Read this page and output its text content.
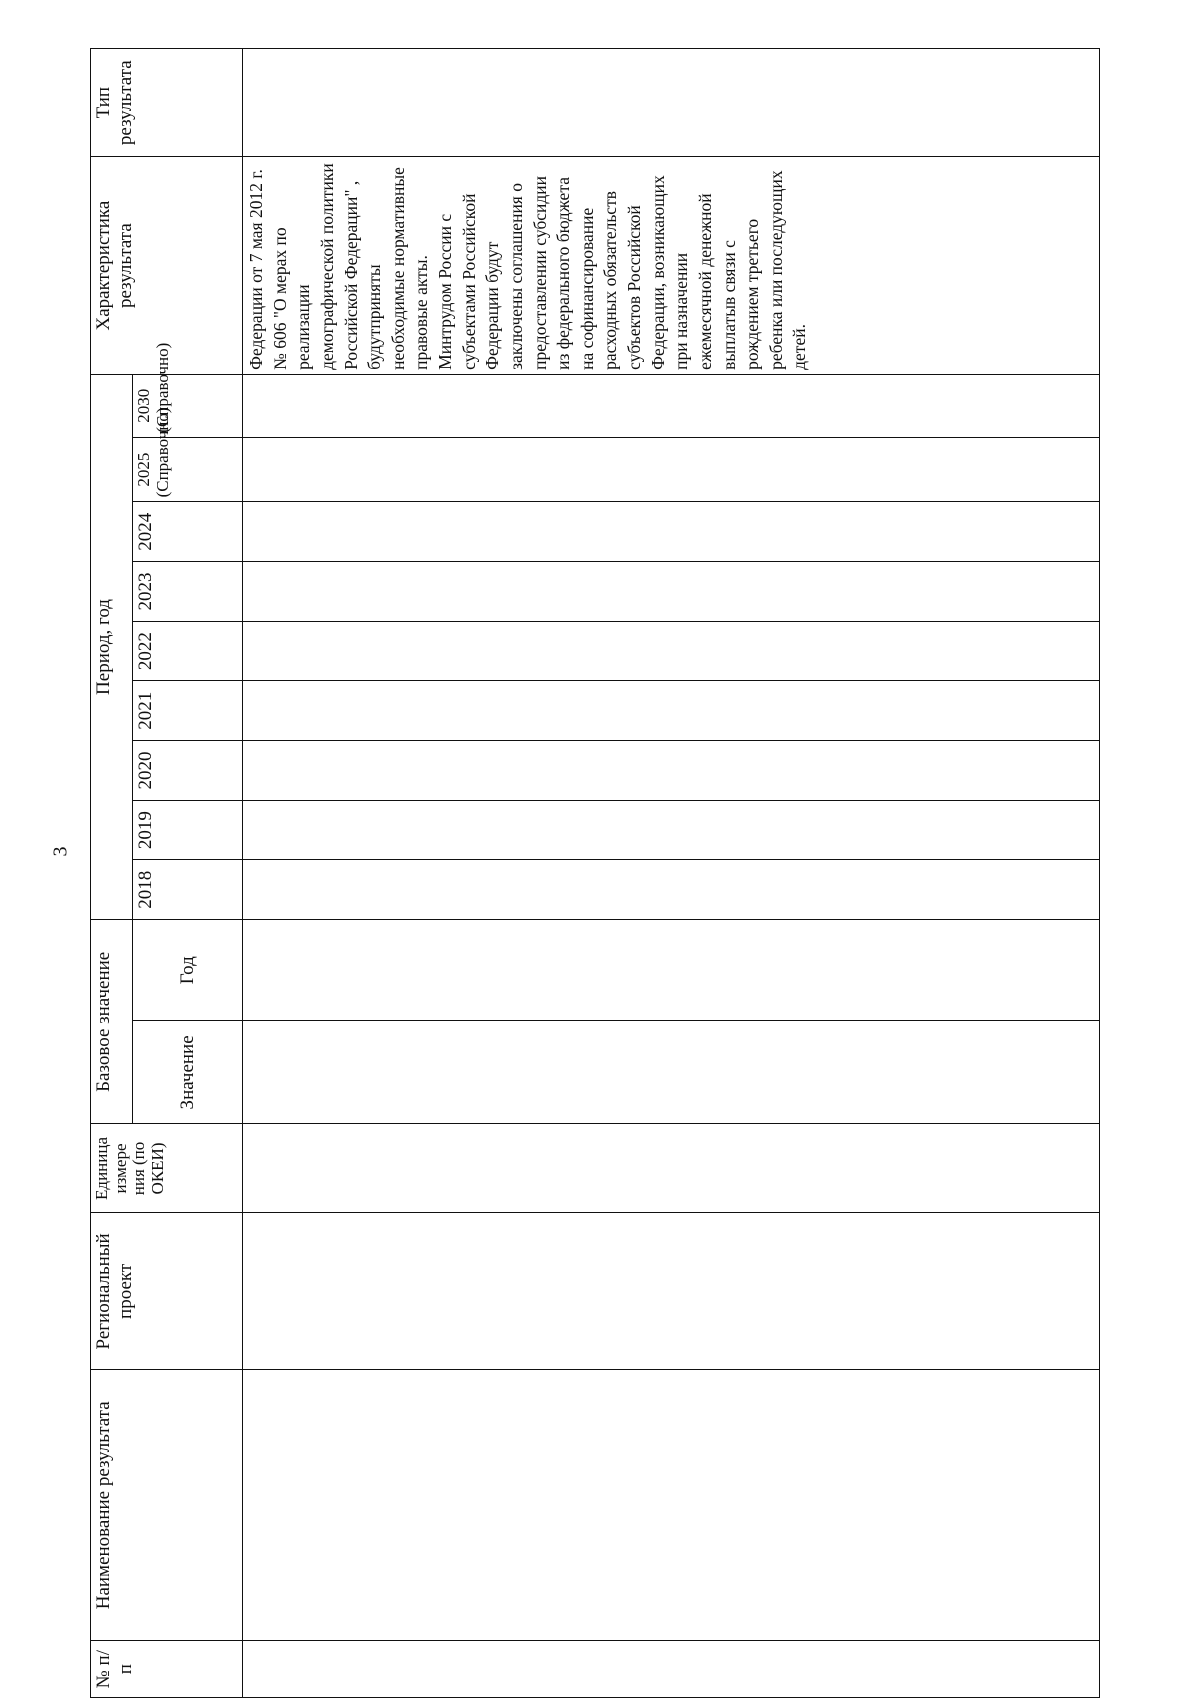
3
№ п/п	Наименование результата	Региональный проект	Единица измере ния (по ОКЕИ)	Базовое значение		Период, год									Характеристика результата	Тип результата
				Значение	Год	2018	2019	2020	2021	2022	2023	2024	2025 (Справочно)	2030 (Справочно)		
															Федерации от 7 мая 2012 г. № 606 "О мерах по реализации демографической политики Российской Федерации" , будутприняты необходимые нормативные правовые акты.
Минтрудом России с субъектами Российской Федерации будут заключены соглашения о предоставлении субсидии из федерального бюджета на софинансирование расходных обязательств субъектов Российской Федерации, возникающих при назначении ежемесячной денежной выплатыв связи с рождением третьего ребенка или последующих детей.	
